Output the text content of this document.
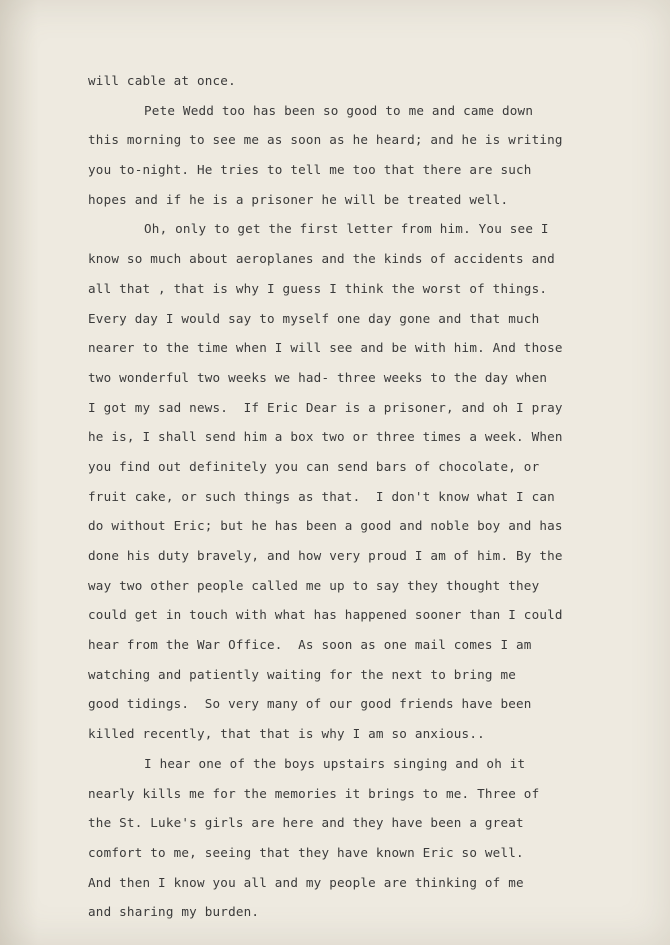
will cable at once.
Pete Wedd too has been so good to me and came down
this morning to see me as soon as he heard; and he is writing
you to-night. He tries to tell me too that there are such
hopes and if he is a prisoner he will be treated well.
Oh, only to get the first letter from him. You see I
know so much about aeroplanes and the kinds of accidents and
all that , that is why I guess I think the worst of things.
Every day I would say to myself one day gone and that much
nearer to the time when I will see and be with him. And those
two wonderful two weeks we had- three weeks to the day when
I got my sad news.  If Eric Dear is a prisoner, and oh I pray
he is, I shall send him a box two or three times a week. When
you find out definitely you can send bars of chocolate, or
fruit cake, or such things as that.  I don't know what I can
do without Eric; but he has been a good and noble boy and has
done his duty bravely, and how very proud I am of him. By the
way two other people called me up to say they thought they
could get in touch with what has happened sooner than I could
hear from the War Office.  As soon as one mail comes I am
watching and patiently waiting for the next to bring me
good tidings.  So very many of our good friends have been
killed recently, that that is why I am so anxious..
I hear one of the boys upstairs singing and oh it
nearly kills me for the memories it brings to me. Three of
the St. Luke's girls are here and they have been a great
comfort to me, seeing that they have known Eric so well.
And then I know you all and my people are thinking of me
and sharing my burden.
